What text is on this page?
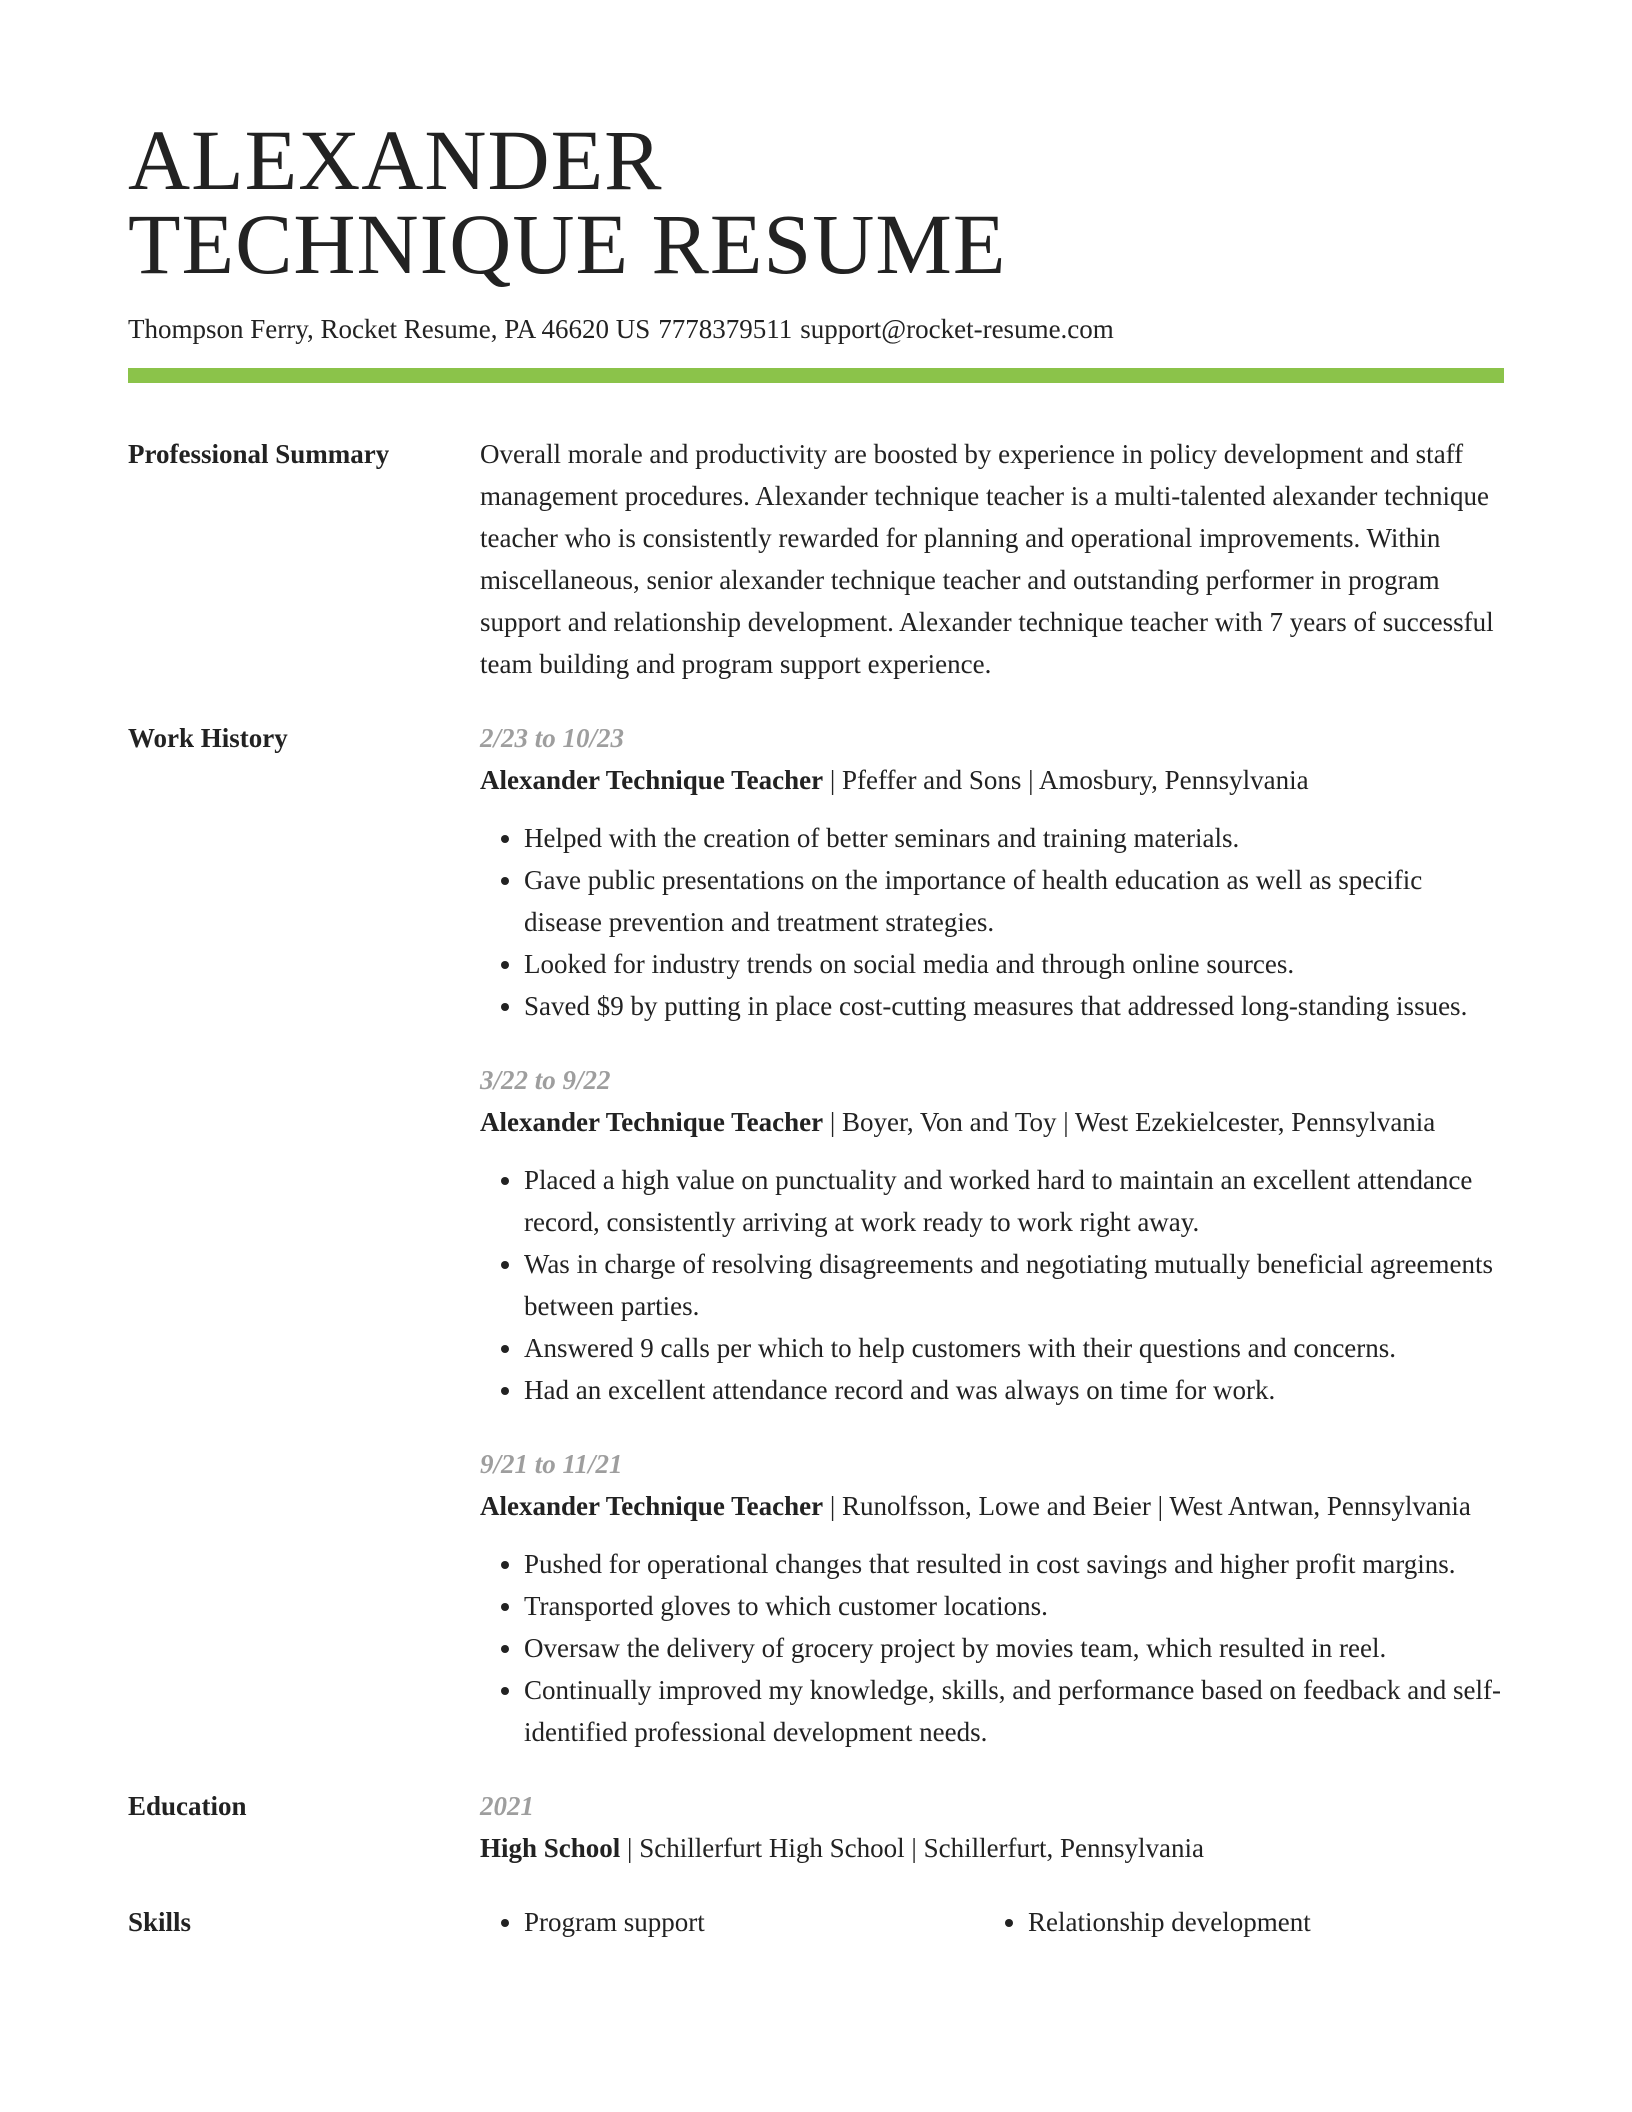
ALEXANDER
TECHNIQUE RESUME
Thompson Ferry, Rocket Resume, PA 46620 US 7778379511 support@rocket-resume.com
Professional Summary	Overall morale and productivity are boosted by experience in policy development and staff management procedures. Alexander technique teacher is a multi-talented alexander technique teacher who is consistently rewarded for planning and operational improvements. Within miscellaneous, senior alexander technique teacher and outstanding performer in program support and relationship development. Alexander technique teacher with 7 years of successful team building and program support experience.

Work History	2/23 to 10/23
Alexander Technique Teacher | Pfeffer and Sons | Amosbury, Pennsylvania
• Helped with the creation of better seminars and training materials.
• Gave public presentations on the importance of health education as well as specific disease prevention and treatment strategies.
• Looked for industry trends on social media and through online sources.
• Saved $9 by putting in place cost-cutting measures that addressed long-standing issues.
3/22 to 9/22
Alexander Technique Teacher | Boyer, Von and Toy | West Ezekielcester, Pennsylvania
• Placed a high value on punctuality and worked hard to maintain an excellent attendance record, consistently arriving at work ready to work right away.
• Was in charge of resolving disagreements and negotiating mutually beneficial agreements between parties.
• Answered 9 calls per which to help customers with their questions and concerns.
• Had an excellent attendance record and was always on time for work.
9/21 to 11/21
Alexander Technique Teacher | Runolfsson, Lowe and Beier | West Antwan, Pennsylvania
• Pushed for operational changes that resulted in cost savings and higher profit margins.
• Transported gloves to which customer locations.
• Oversaw the delivery of grocery project by movies team, which resulted in reel.
• Continually improved my knowledge, skills, and performance based on feedback and self-identified professional development needs.
Education	2021
High School | Schillerfurt High School | Schillerfurt, Pennsylvania
Skills	• Program support	• Relationship development
